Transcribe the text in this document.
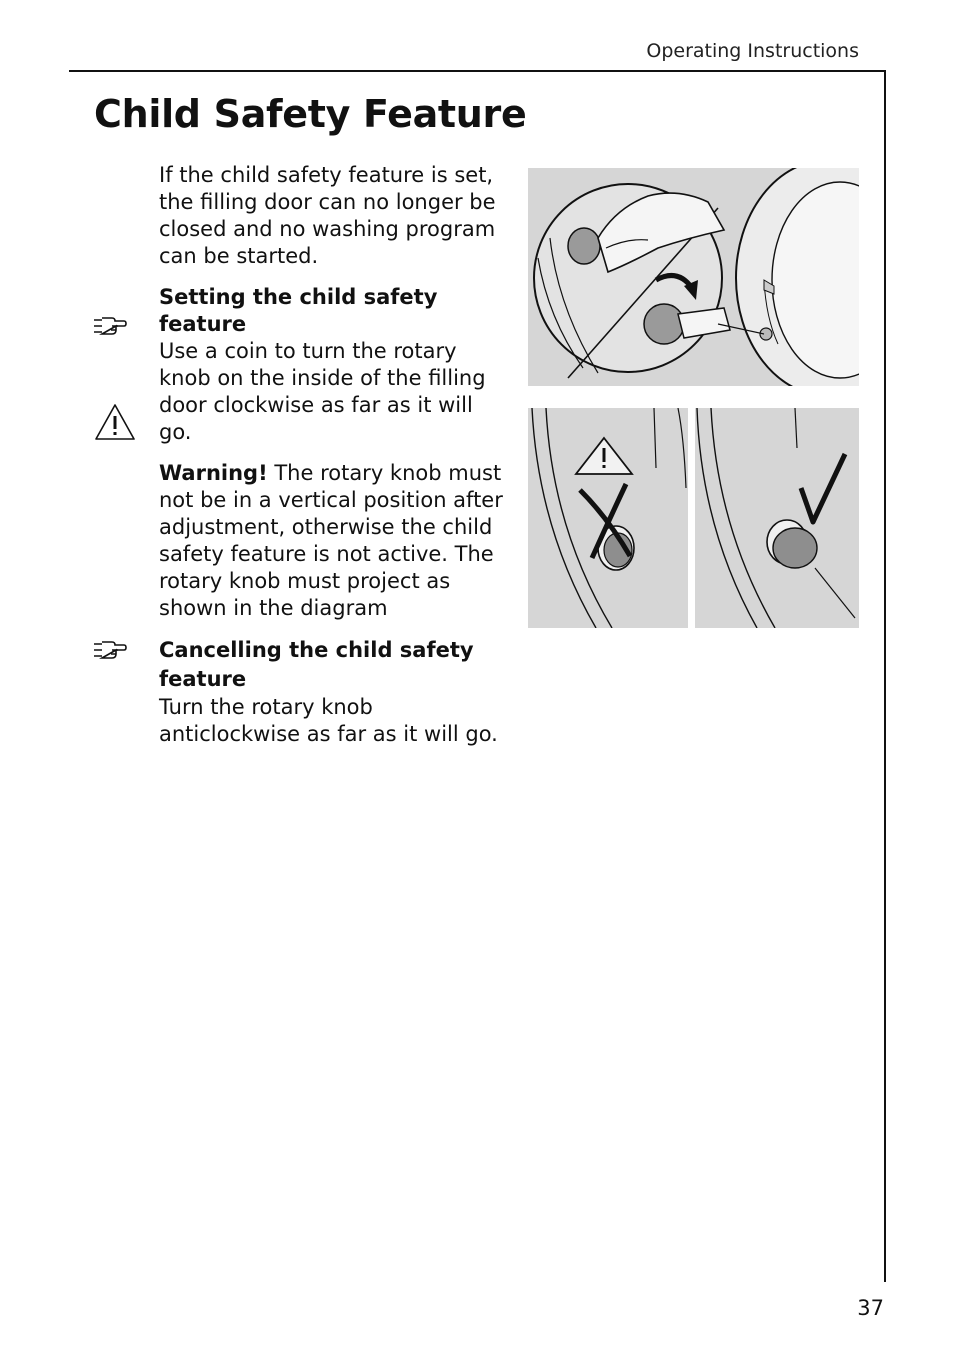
Operating Instructions
Child Safety Feature

If the child safety feature is set, the filling door can no longer be closed and no washing program can be started.

Setting the child safety feature

Use a coin to turn the rotary knob on the inside of the filling door clockwise as far as it will go.

Warning! The rotary knob must not be in a vertical position after adjustment, otherwise the child safety feature is not active. The rotary knob must project as shown in the diagram

Cancelling the child safety feature

Turn the rotary knob anticlockwise as far as it will go.

37
